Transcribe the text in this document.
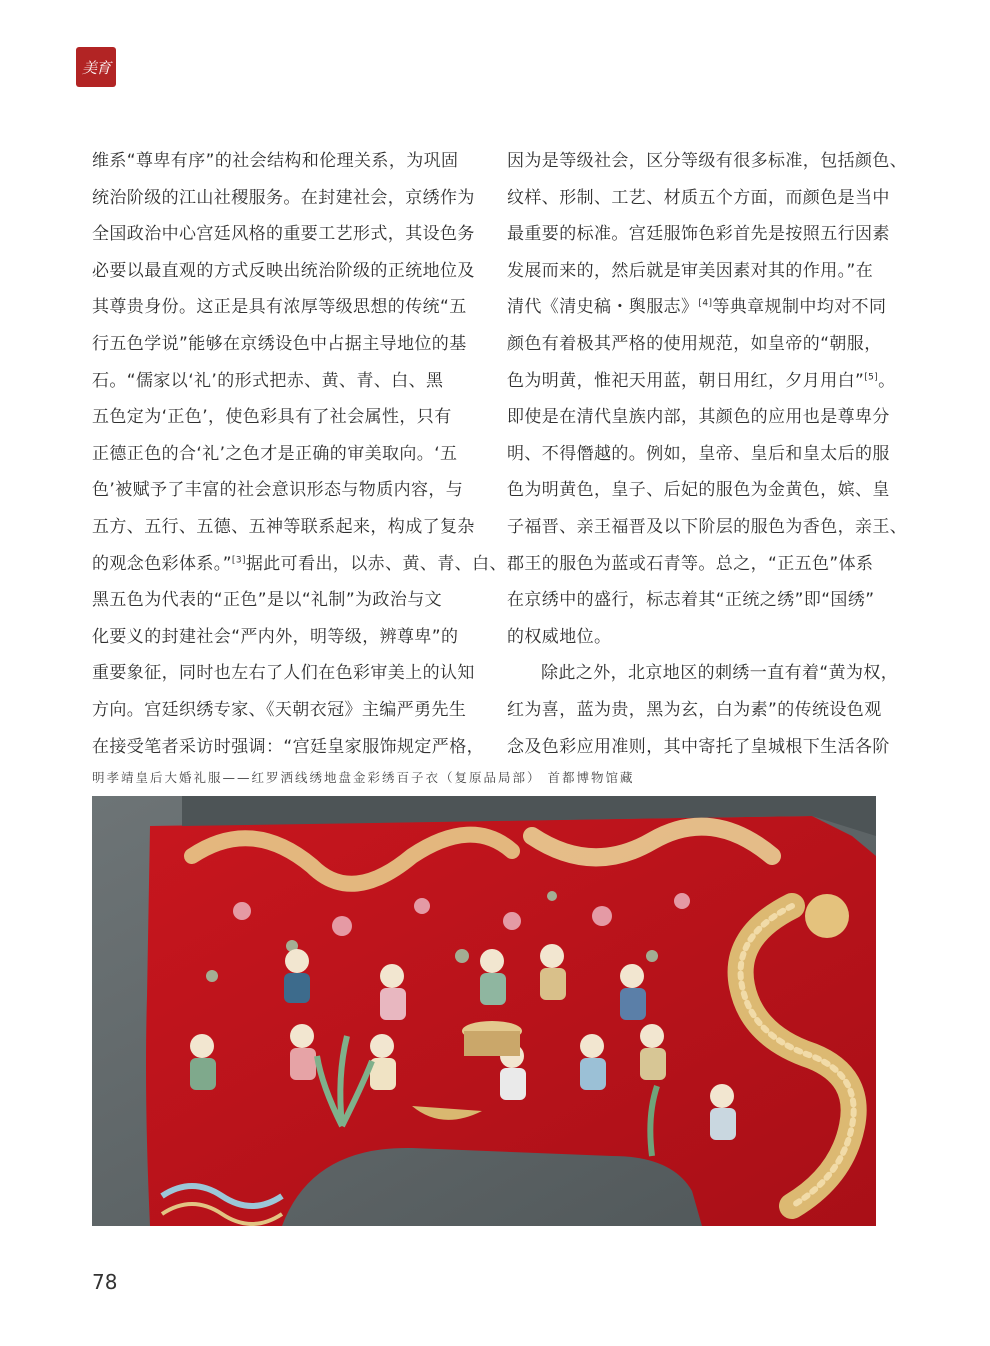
美育
维系“尊卑有序”的社会结构和伦理关系，为巩固
统治阶级的江山社稷服务。在封建社会，京绣作为
全国政治中心宫廷风格的重要工艺形式，其设色务
必要以最直观的方式反映出统治阶级的正统地位及
其尊贵身份。这正是具有浓厚等级思想的传统“五
行五色学说”能够在京绣设色中占据主导地位的基
石。“儒家以‘礼’的形式把赤、黄、青、白、黑
五色定为‘正色’，使色彩具有了社会属性，只有
正德正色的合‘礼’之色才是正确的审美取向。‘五
色’被赋予了丰富的社会意识形态与物质内容，与
五方、五行、五德、五神等联系起来，构成了复杂
的观念色彩体系。”[3]据此可看出，以赤、黄、青、白、
黑五色为代表的“正色”是以“礼制”为政治与文
化要义的封建社会“严内外，明等级，辨尊卑”的
重要象征，同时也左右了人们在色彩审美上的认知
方向。宫廷织绣专家、《天朝衣冠》主编严勇先生
在接受笔者采访时强调：“宫廷皇家服饰规定严格，
因为是等级社会，区分等级有很多标准，包括颜色、
纹样、形制、工艺、材质五个方面，而颜色是当中
最重要的标准。宫廷服饰色彩首先是按照五行因素
发展而来的，然后就是审美因素对其的作用。”在
清代《清史稿・舆服志》[4]等典章规制中均对不同
颜色有着极其严格的使用规范，如皇帝的“朝服，
色为明黄，惟祀天用蓝，朝日用红，夕月用白”[5]。
即使是在清代皇族内部，其颜色的应用也是尊卑分
明、不得僭越的。例如，皇帝、皇后和皇太后的服
色为明黄色，皇子、后妃的服色为金黄色，嫔、皇
子福晋、亲王福晋及以下阶层的服色为香色，亲王、
郡王的服色为蓝或石青等。总之，“正五色”体系
在京绣中的盛行，标志着其“正统之绣”即“国绣”
的权威地位。
除此之外，北京地区的刺绣一直有着“黄为权，
红为喜，蓝为贵，黑为玄，白为素”的传统设色观
念及色彩应用准则，其中寄托了皇城根下生活各阶
明孝靖皇后大婚礼服——红罗洒线绣地盘金彩绣百子衣（复原品局部） 首都博物馆藏
78
